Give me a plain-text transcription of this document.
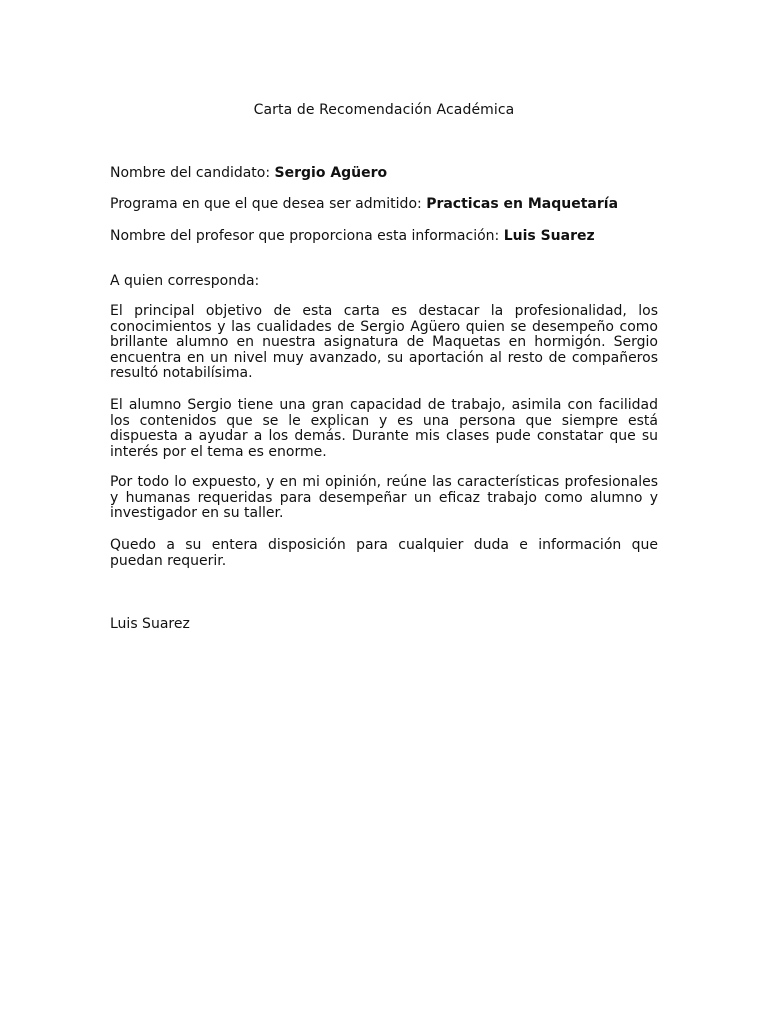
Carta de Recomendación Académica
Nombre del candidato: Sergio Agüero
Programa en que el que desea ser admitido: Practicas en Maquetaría
Nombre del profesor que proporciona esta información: Luis Suarez
A quien corresponda:
El principal objetivo de esta carta es destacar la profesionalidad, los
conocimientos y las cualidades de Sergio Agüero quien se desempeño como
brillante alumno en nuestra asignatura de Maquetas en hormigón. Sergio
encuentra en un nivel muy avanzado, su aportación al resto de compañeros
resultó notabilísima.
El alumno Sergio tiene una gran capacidad de trabajo, asimila con facilidad
los contenidos que se le explican y es una persona que siempre está
dispuesta a ayudar a los demás. Durante mis clases pude constatar que su
interés por el tema es enorme.
Por todo lo expuesto, y en mi opinión, reúne las características profesionales
y humanas requeridas para desempeñar un eficaz trabajo como alumno y
investigador en su taller.
Quedo a su entera disposición para cualquier duda e información que
puedan requerir.
Luis Suarez
